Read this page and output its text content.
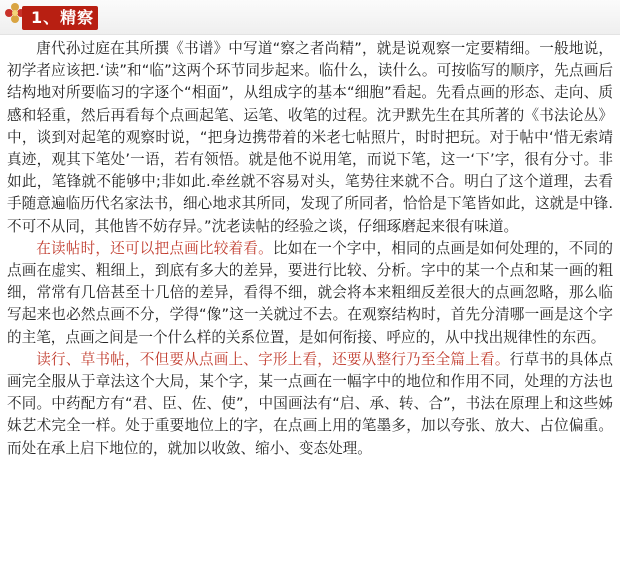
1、精察

唐代孙过庭在其所撰《书谱》中写道“察之者尚精”，就是说观察一定要精细。一般地说，初学者应该把.‘读”和“临”这两个环节同步起来。临什么，读什么。可按临写的顺序，先点画后结构地对所要临习的字逐个“相面”，从组成字的基本“细胞”看起。先看点画的形态、走向、质感和轻重，然后再看每个点画起笔、运笔、收笔的过程。沈尹默先生在其所著的《书法论丛》中，谈到对起笔的观察时说，“把身边携带着的米老七帖照片，时时把玩。对于帖中‘惜无索靖真迹，观其下笔处’一语，若有领悟。就是他不说用笔，而说下笔，这一‘下’字，很有分寸。非如此，笔锋就不能够中;非如此.牵丝就不容易对头，笔势往来就不合。明白了这个道理，去看手随意遍临历代名家法书，细心地求其所同，发现了所同者，恰恰是下笔皆如此，这就是中锋.不可不从同，其他皆不妨存异。”沈老读帖的经验之谈，仔细琢磨起来很有味道。

在读帖时，还可以把点画比较着看。比如在一个字中，相同的点画是如何处理的，不同的点画在虚实、粗细上，到底有多大的差异，要进行比较、分析。字中的某一个点和某一画的粗细，常常有几倍甚至十几倍的差异，看得不细，就会将本来粗细反差很大的点画忽略，那么临写起来也必然点画不分，学得“像”这一关就过不去。在观察结构时，首先分清哪一画是这个字的主笔，点画之间是一个什么样的关系位置，是如何衔接、呼应的，从中找出规律性的东西。

读行、草书帖，不但要从点画上、字形上看，还要从整行乃至全篇上看。行草书的具体点画完全服从于章法这个大局，某个字，某一点画在一幅字中的地位和作用不同，处理的方法也不同。中药配方有“君、臣、佐、使”，中国画法有“启、承、转、合”，书法在原理上和这些姊妹艺术完全一样。处于重要地位上的字，在点画上用的笔墨多，加以夸张、放大、占位偏重。而处在承上启下地位的，就加以收敛、缩小、变态处理。
